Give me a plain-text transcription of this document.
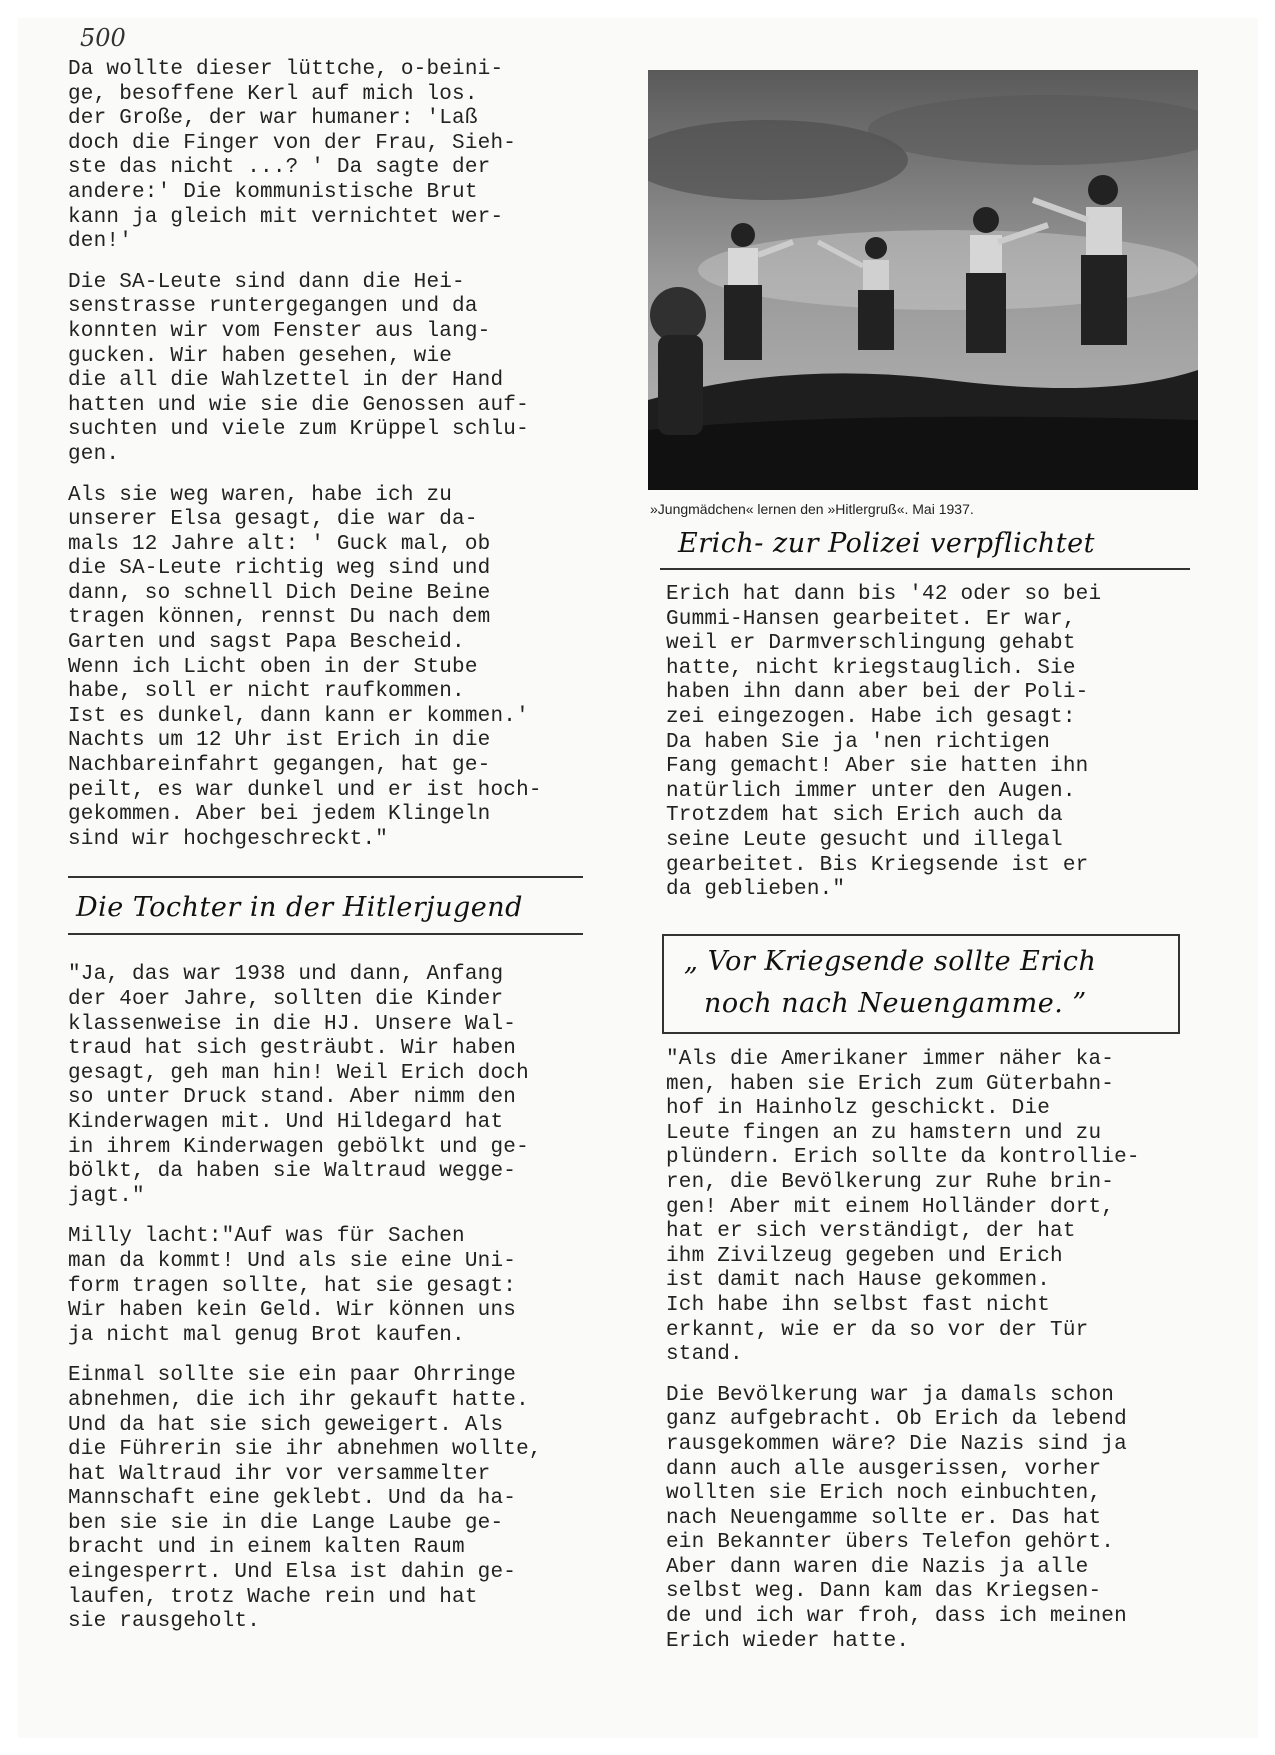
500

Da wollte dieser lüttche, o-beini-
ge, besoffene Kerl auf mich los.
der Große, der war humaner: 'Laß
doch die Finger von der Frau, Sieh-
ste das nicht ...? ' Da sagte der
andere:' Die kommunistische Brut
kann ja gleich mit vernichtet wer-
den!'

Die SA-Leute sind dann die Hei-
senstrasse runtergegangen und da
konnten wir vom Fenster aus lang-
gucken. Wir haben gesehen, wie
die all die Wahlzettel in der Hand
hatten und wie sie die Genossen auf-
suchten und viele zum Krüppel schlu-
gen.

Als sie weg waren, habe ich zu
unserer Elsa gesagt, die war da-
mals 12 Jahre alt: ' Guck mal, ob
die SA-Leute richtig weg sind und
dann, so schnell Dich Deine Beine
tragen können, rennst Du nach dem
Garten und sagst Papa Bescheid.
Wenn ich Licht oben in der Stube
habe, soll er nicht raufkommen.
Ist es dunkel, dann kann er kommen.'
Nachts um 12 Uhr ist Erich in die
Nachbareinfahrt gegangen, hat ge-
peilt, es war dunkel und er ist hoch-
gekommen. Aber bei jedem Klingeln
sind wir hochgeschreckt."

Die Tochter in der Hitlerjugend

"Ja, das war 1938 und dann, Anfang
der 4oer Jahre, sollten die Kinder
klassenweise in die HJ. Unsere Wal-
traud hat sich gesträubt. Wir haben
gesagt, geh man hin! Weil Erich doch
so unter Druck stand. Aber nimm den
Kinderwagen mit. Und Hildegard hat
in ihrem Kinderwagen gebölkt und ge-
bölkt, da haben sie Waltraud wegge-
jagt."

Milly lacht:"Auf was für Sachen
man da kommt! Und als sie eine Uni-
form tragen sollte, hat sie gesagt:
Wir haben kein Geld. Wir können uns
ja nicht mal genug Brot kaufen.

Einmal sollte sie ein paar Ohrringe
abnehmen, die ich ihr gekauft hatte.
Und da hat sie sich geweigert. Als
die Führerin sie ihr abnehmen wollte,
hat Waltraud ihr vor versammelter
Mannschaft eine geklebt. Und da ha-
ben sie sie in die Lange Laube ge-
bracht und in einem kalten Raum
eingesperrt. Und Elsa ist dahin ge-
laufen, trotz Wache rein und hat
sie rausgeholt.

»Jungmädchen« lernen den »Hitlergruß«. Mai 1937.
Erich- zur Polizei verpflichtet

Erich hat dann bis '42 oder so bei
Gummi-Hansen gearbeitet. Er war,
weil er Darmverschlingung gehabt
hatte, nicht kriegstauglich. Sie
haben ihn dann aber bei der Poli-
zei eingezogen. Habe ich gesagt:
Da haben Sie ja 'nen richtigen
Fang gemacht! Aber sie hatten ihn
natürlich immer unter den Augen.
Trotzdem hat sich Erich auch da
seine Leute gesucht und illegal
gearbeitet. Bis Kriegsende ist er
da geblieben."

„ Vor Kriegsende sollte Erich
noch nach Neuengamme. ”

"Als die Amerikaner immer näher ka-
men, haben sie Erich zum Güterbahn-
hof in Hainholz geschickt. Die
Leute fingen an zu hamstern und zu
plündern. Erich sollte da kontrollie-
ren, die Bevölkerung zur Ruhe brin-
gen! Aber mit einem Holländer dort,
hat er sich verständigt, der hat
ihm Zivilzeug gegeben und Erich
ist damit nach Hause gekommen.
Ich habe ihn selbst fast nicht
erkannt, wie er da so vor der Tür
stand.

Die Bevölkerung war ja damals schon
ganz aufgebracht. Ob Erich da lebend
rausgekommen wäre? Die Nazis sind ja
dann auch alle ausgerissen, vorher
wollten sie Erich noch einbuchten,
nach Neuengamme sollte er. Das hat
ein Bekannter übers Telefon gehört.
Aber dann waren die Nazis ja alle
selbst weg. Dann kam das Kriegsen-
de und ich war froh, dass ich meinen
Erich wieder hatte.
